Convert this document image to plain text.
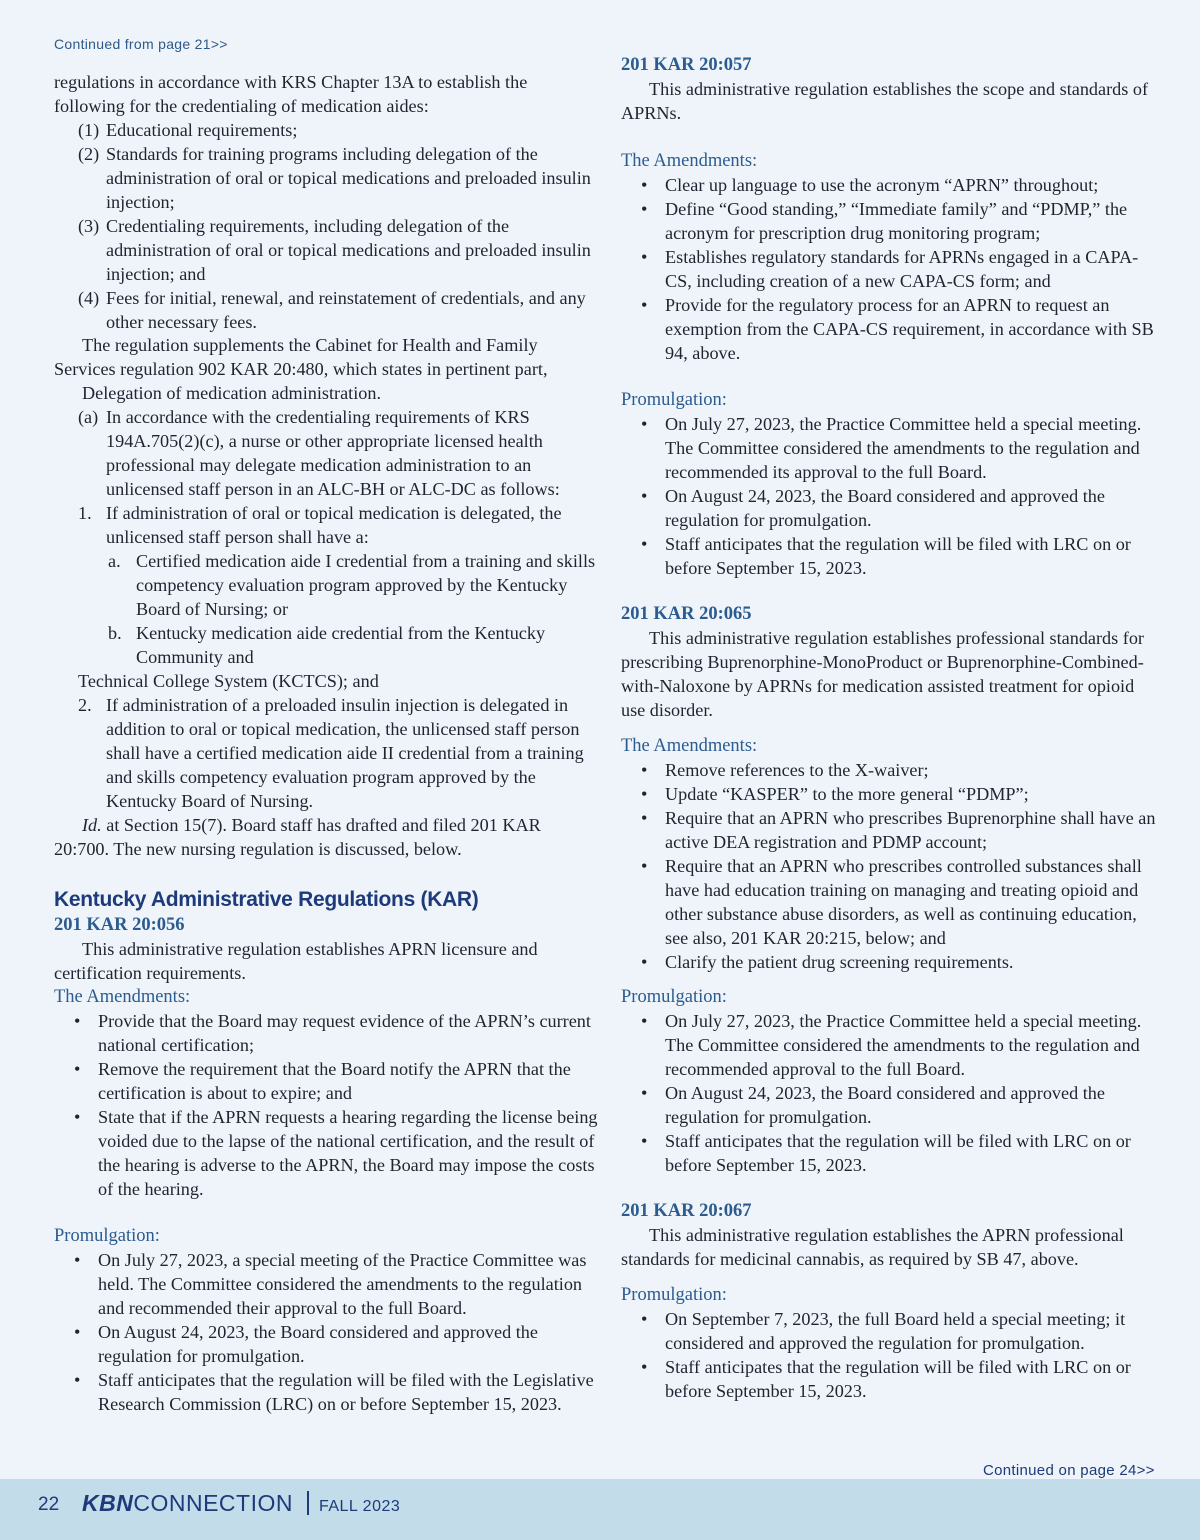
Continued from page 21>>

regulations in accordance with KRS Chapter 13A to establish the following for the credentialing of medication aides:

(1) Educational requirements;
(2) Standards for training programs including delegation of the administration of oral or topical medications and preloaded insulin injection;
(3) Credentialing requirements, including delegation of the administration of oral or topical medications and preloaded insulin injection; and
(4) Fees for initial, renewal, and reinstatement of credentials, and any other necessary fees.

The regulation supplements the Cabinet for Health and Family Services regulation 902 KAR 20:480, which states in pertinent part,

Delegation of medication administration.

(a) In accordance with the credentialing requirements of KRS 194A.705(2)(c), a nurse or other appropriate licensed health professional may delegate medication administration to an unlicensed staff person in an ALC-BH or ALC-DC as follows:
1. If administration of oral or topical medication is delegated, the unlicensed staff person shall have a:
a. Certified medication aide I credential from a training and skills competency evaluation program approved by the Kentucky Board of Nursing; or
b. Kentucky medication aide credential from the Kentucky Community and

Technical College System (KCTCS); and

2. If administration of a preloaded insulin injection is delegated in addition to oral or topical medication, the unlicensed staff person shall have a certified medication aide II credential from a training and skills competency evaluation program approved by the Kentucky Board of Nursing.

Id. at Section 15(7). Board staff has drafted and filed 201 KAR 20:700. The new nursing regulation is discussed, below.

Kentucky Administrative Regulations (KAR)

201 KAR 20:056

This administrative regulation establishes APRN licensure and certification requirements.

The Amendments:

• Provide that the Board may request evidence of the APRN’s current national certification;
• Remove the requirement that the Board notify the APRN that the certification is about to expire; and
• State that if the APRN requests a hearing regarding the license being voided due to the lapse of the national certification, and the result of the hearing is adverse to the APRN, the Board may impose the costs of the hearing.

Promulgation:

• On July 27, 2023, a special meeting of the Practice Committee was held. The Committee considered the amendments to the regulation and recommended their approval to the full Board.
• On August 24, 2023, the Board considered and approved the regulation for promulgation.
• Staff anticipates that the regulation will be filed with the Legislative Research Commission (LRC) on or before September 15, 2023.

201 KAR 20:057

This administrative regulation establishes the scope and standards of APRNs.

The Amendments:

• Clear up language to use the acronym “APRN” throughout;
• Define “Good standing,” “Immediate family” and “PDMP,” the acronym for prescription drug monitoring program;
• Establishes regulatory standards for APRNs engaged in a CAPA-CS, including creation of a new CAPA-CS form; and
• Provide for the regulatory process for an APRN to request an exemption from the CAPA-CS requirement, in accordance with SB 94, above.

Promulgation:

• On July 27, 2023, the Practice Committee held a special meeting. The Committee considered the amendments to the regulation and recommended its approval to the full Board.
• On August 24, 2023, the Board considered and approved the regulation for promulgation.
• Staff anticipates that the regulation will be filed with LRC on or before September 15, 2023.

201 KAR 20:065

This administrative regulation establishes professional standards for prescribing Buprenorphine-MonoProduct or Buprenorphine-Combined-with-Naloxone by APRNs for medication assisted treatment for opioid use disorder.

The Amendments:

• Remove references to the X-waiver;
• Update “KASPER” to the more general “PDMP”;
• Require that an APRN who prescribes Buprenorphine shall have an active DEA registration and PDMP account;
• Require that an APRN who prescribes controlled substances shall have had education training on managing and treating opioid and other substance abuse disorders, as well as continuing education, see also, 201 KAR 20:215, below; and
• Clarify the patient drug screening requirements.

Promulgation:

• On July 27, 2023, the Practice Committee held a special meeting. The Committee considered the amendments to the regulation and recommended approval to the full Board.
• On August 24, 2023, the Board considered and approved the regulation for promulgation.
• Staff anticipates that the regulation will be filed with LRC on or before September 15, 2023.

201 KAR 20:067

This administrative regulation establishes the APRN professional standards for medicinal cannabis, as required by SB 47, above.

Promulgation:

• On September 7, 2023, the full Board held a special meeting; it considered and approved the regulation for promulgation.
• Staff anticipates that the regulation will be filed with LRC on or before September 15, 2023.
Continued on page 24>>
22 KBNCONNECTION FALL 2023
